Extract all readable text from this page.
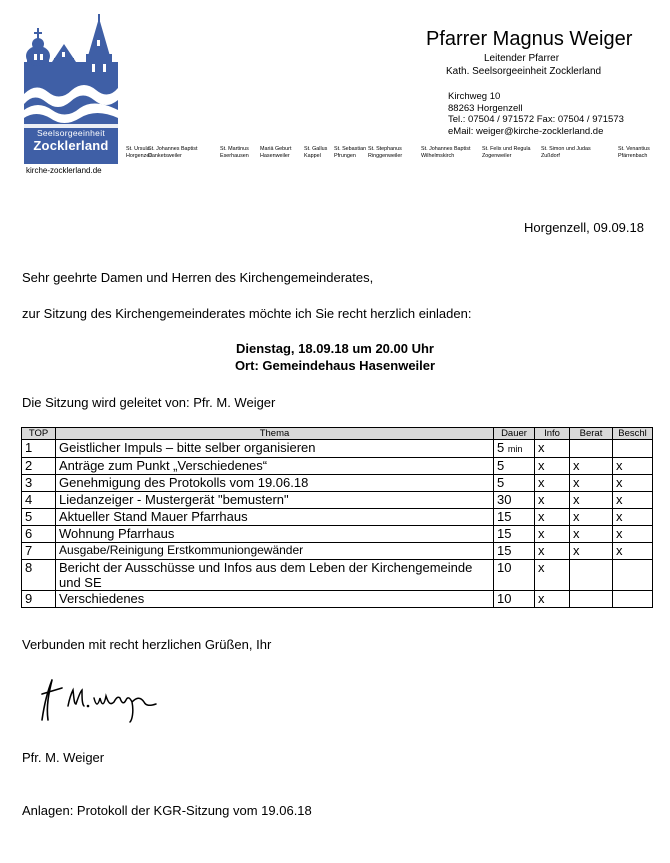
Seelsorgeeinheit
Zocklerland
kirche-zocklerland.de
Pfarrer Magnus Weiger
Leitender Pfarrer
Kath. Seelsorgeeinheit Zocklerland
Kirchweg 10
88263 Horgenzell
Tel.: 07504 / 971572 Fax: 07504 / 971573
eMail: weiger@kirche-zocklerland.de
St. Ursula
Horgenzell
St. Johannes Baptist
Danketsweiler
St. Martinus
Eserhausen
Mariä Geburt
Hasenweiler
St. Gallus
Kappel
St. Sebastian
Pfrungen
St. Stephanus
Ringgenweiler
St. Johannes Baptist
Wilhelmskirch
St. Felix und Regula
Zogenweiler
St. Simon und Judas
Zußdorf
St. Venantius
Pfärrenbach
Horgenzell, 09.09.18
Sehr geehrte Damen und Herren des Kirchengemeinderates,
zur Sitzung des Kirchengemeinderates möchte ich Sie recht herzlich einladen:
Dienstag, 18.09.18 um 20.00 Uhr
Ort: Gemeindehaus Hasenweiler
Die Sitzung wird geleitet von: Pfr. M. Weiger
TOP	Thema	Dauer	Info	Berat	Beschl
1	Geistlicher Impuls – bitte selber organisieren	5 min	x		
2	Anträge zum Punkt „Verschiedenes“	5	x	x	x
3	Genehmigung des Protokolls vom 19.06.18	5	x	x	x
4	Liedanzeiger - Mustergerät "bemustern"	30	x	x	x
5	Aktueller Stand Mauer Pfarrhaus	15	x	x	x
6	Wohnung Pfarrhaus	15	x	x	x
7	Ausgabe/Reinigung Erstkommuniongewänder	15	x	x	x
8	Bericht der Ausschüsse und Infos aus dem Leben der Kirchengemeinde und SE	10	x		
9	Verschiedenes	10	x		
Verbunden mit recht herzlichen Grüßen, Ihr
Pfr. M. Weiger
Anlagen: Protokoll der KGR-Sitzung vom 19.06.18
